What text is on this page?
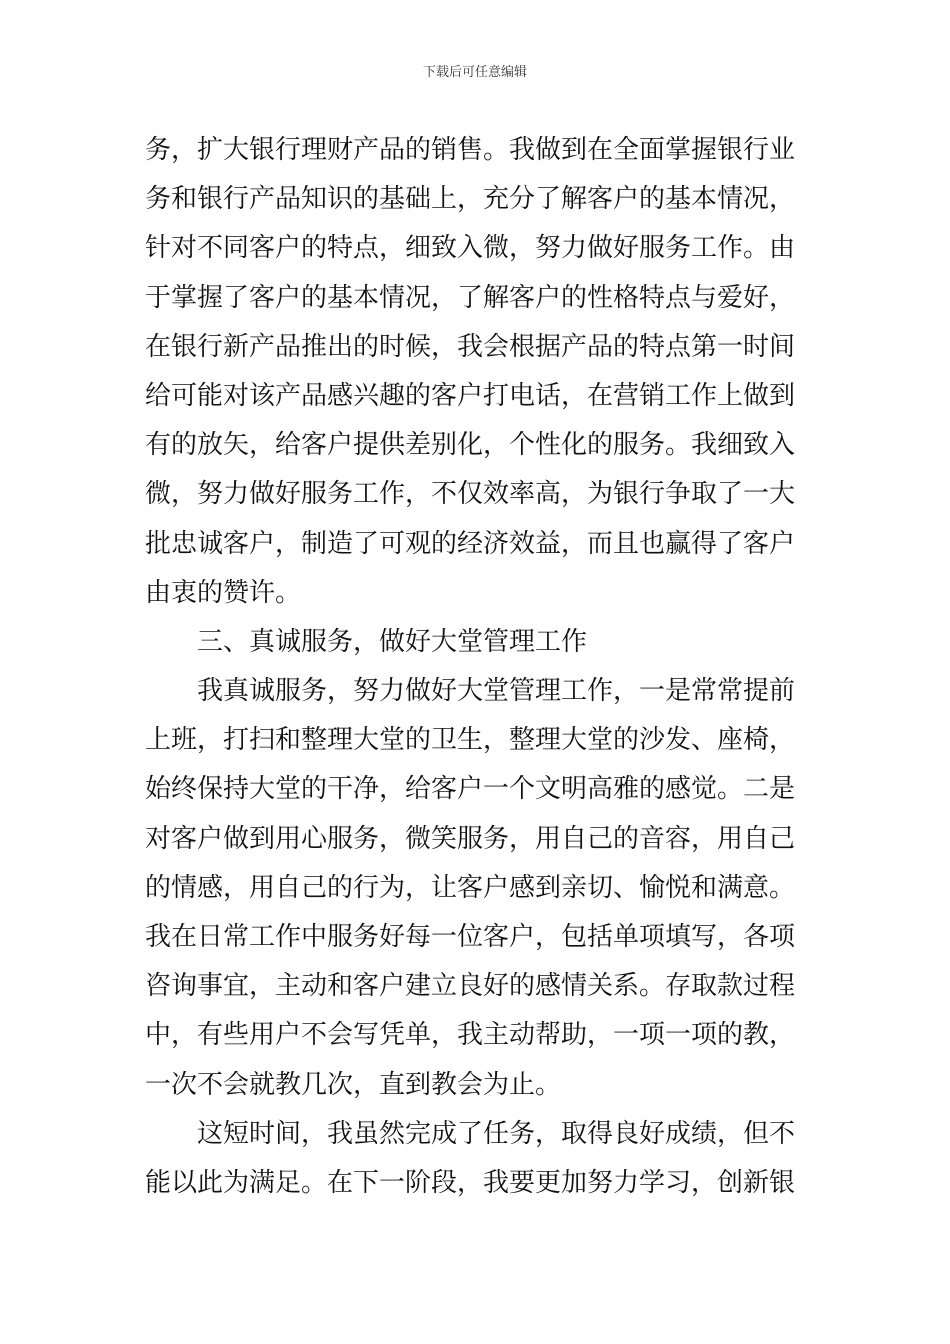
下载后可任意编辑
务，扩大银行理财产品的销售。我做到在全面掌握银行业
务和银行产品知识的基础上，充分了解客户的基本情况，
针对不同客户的特点，细致入微，努力做好服务工作。由
于掌握了客户的基本情况，了解客户的性格特点与爱好，
在银行新产品推出的时候，我会根据产品的特点第一时间
给可能对该产品感兴趣的客户打电话，在营销工作上做到
有的放矢，给客户提供差别化，个性化的服务。我细致入
微，努力做好服务工作，不仅效率高，为银行争取了一大
批忠诚客户，制造了可观的经济效益，而且也赢得了客户
由衷的赞许。
三、真诚服务，做好大堂管理工作
我真诚服务，努力做好大堂管理工作，一是常常提前
上班，打扫和整理大堂的卫生，整理大堂的沙发、座椅，
始终保持大堂的干净，给客户一个文明高雅的感觉。二是
对客户做到用心服务，微笑服务，用自己的音容，用自己
的情感，用自己的行为，让客户感到亲切、愉悦和满意。
我在日常工作中服务好每一位客户，包括单项填写，各项
咨询事宜，主动和客户建立良好的感情关系。存取款过程
中，有些用户不会写凭单，我主动帮助，一项一项的教，
一次不会就教几次，直到教会为止。
这短时间，我虽然完成了任务，取得良好成绩，但不
能以此为满足。在下一阶段，我要更加努力学习，创新银
